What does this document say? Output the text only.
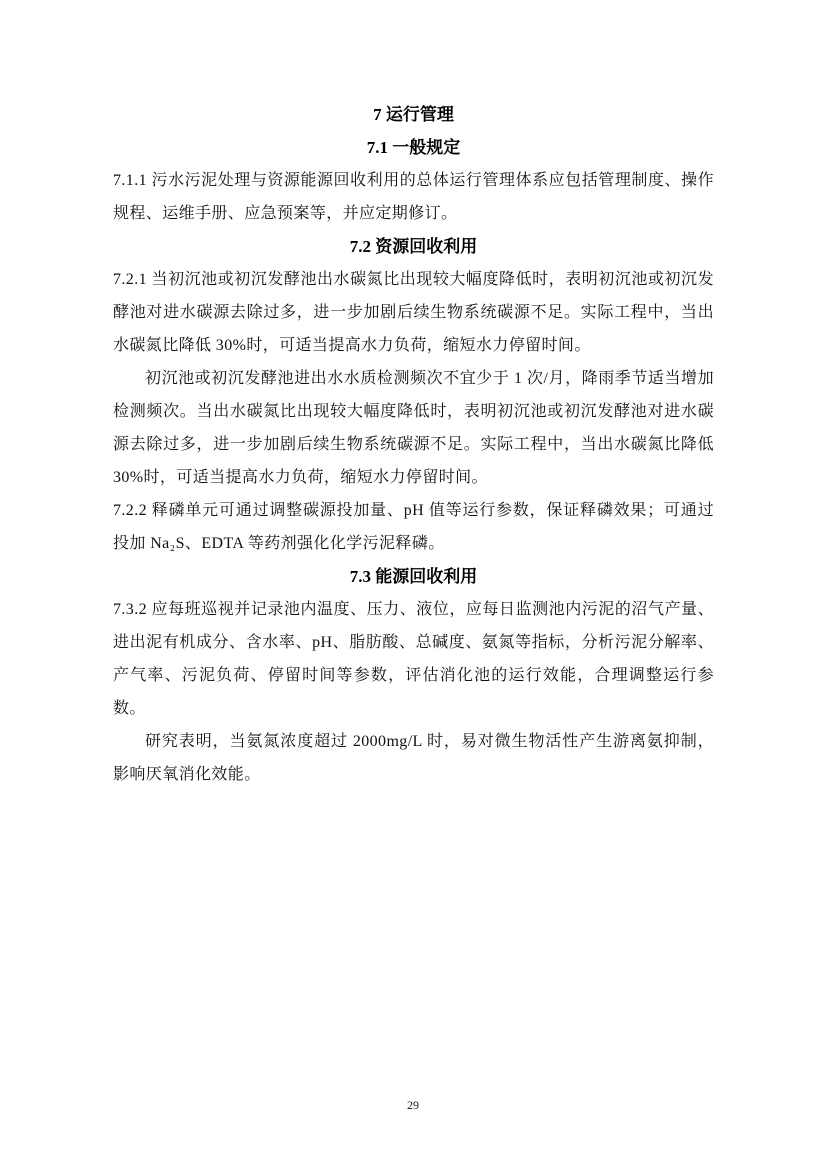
7 运行管理
7.1 一般规定

7.1.1 污水污泥处理与资源能源回收利用的总体运行管理体系应包括管理制度、操作规程、运维手册、应急预案等，并应定期修订。

7.2 资源回收利用

7.2.1 当初沉池或初沉发酵池出水碳氮比出现较大幅度降低时，表明初沉池或初沉发酵池对进水碳源去除过多，进一步加剧后续生物系统碳源不足。实际工程中，当出水碳氮比降低 30%时，可适当提高水力负荷，缩短水力停留时间。

初沉池或初沉发酵池进出水水质检测频次不宜少于 1 次/月，降雨季节适当增加检测频次。当出水碳氮比出现较大幅度降低时，表明初沉池或初沉发酵池对进水碳源去除过多，进一步加剧后续生物系统碳源不足。实际工程中，当出水碳氮比降低 30%时，可适当提高水力负荷，缩短水力停留时间。

7.2.2 释磷单元可通过调整碳源投加量、pH 值等运行参数，保证释磷效果；可通过投加 Na₂S、EDTA 等药剂强化化学污泥释磷。

7.3 能源回收利用

7.3.2 应每班巡视并记录池内温度、压力、液位，应每日监测池内污泥的沼气产量、进出泥有机成分、含水率、pH、脂肪酸、总碱度、氨氮等指标，分析污泥分解率、产气率、污泥负荷、停留时间等参数，评估消化池的运行效能，合理调整运行参数。

研究表明，当氨氮浓度超过 2000mg/L 时，易对微生物活性产生游离氨抑制，影响厌氧消化效能。

29
